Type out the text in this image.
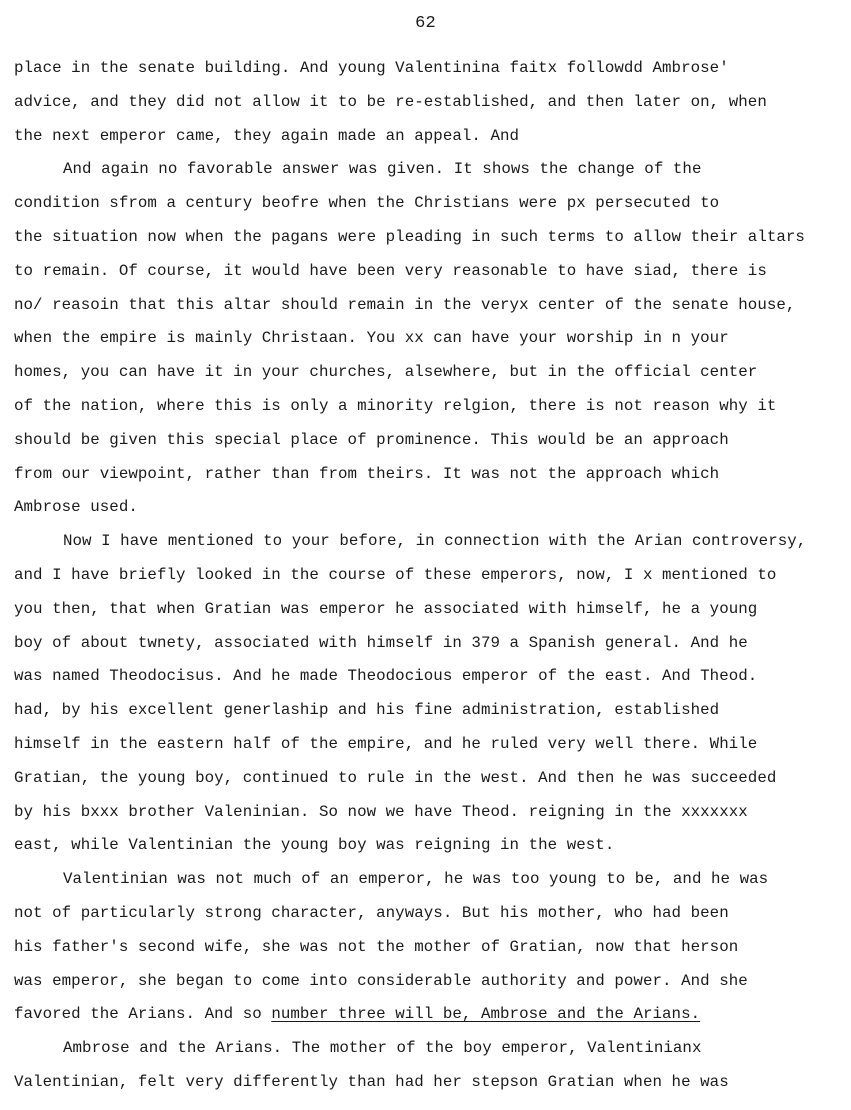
62
place in the senate building. And young Valentinina faitx followdd Ambrose'
advice, and they did not allow it to be re-established, and then later on, when
the next emperor came, they again made an appeal. And
And again no favorable answer was given. It shows the change of the
condition sfrom a century beofre when the Christians were px persecuted to
the situation now when the pagans were pleading in such terms to allow their altars
to remain. Of course, it would have been very reasonable to have siad, there is
no/ reasoin that this altar should remain in the veryx center of the senate house,
when the empire is mainly Christaan. You xx can have your worship in n your
homes, you can have it in your churches, alsewhere, but in the official center
of the nation, where this is only a minority relgion, there is not reason why it
should be given this special place of prominence. This would be an approach
from our viewpoint, rather than from theirs. It was not the approach which
Ambrose used.
Now I have mentioned to your before, in connection with the Arian controversy,
and I have briefly looked in the course of these emperors, now, I x mentioned to
you then, that when Gratian was emperor he associated with himself, he a young
boy of about twnety, associated with himself in 379 a Spanish general. And he
was named Theodocisus. And he made Theodocious emperor of the east. And Theod.
had, by his excellent generlaship and his fine administration, established
himself in the eastern half of the empire, and he ruled very well there. While
Gratian, the young boy, continued to rule in the west. And then he was succeeded
by his bxxx brother Valeninian. So now we have Theod. reigning in the xxxxxxx
east, while Valentinian the young boy was reigning in the west.
Valentinian was not much of an emperor, he was too young to be, and he was
not of particularly strong character, anyways. But his mother, who had been
his father's second wife, she was not the mother of Gratian, now that herson
was emperor, she began to come into considerable authority and power. And she
favored the Arians. And so number three will be, Ambrose and the Arians.
Ambrose and the Arians. The mother of the boy emperor, Valentinianx
Valentinian, felt very differently than had her stepson Gratian when he was
